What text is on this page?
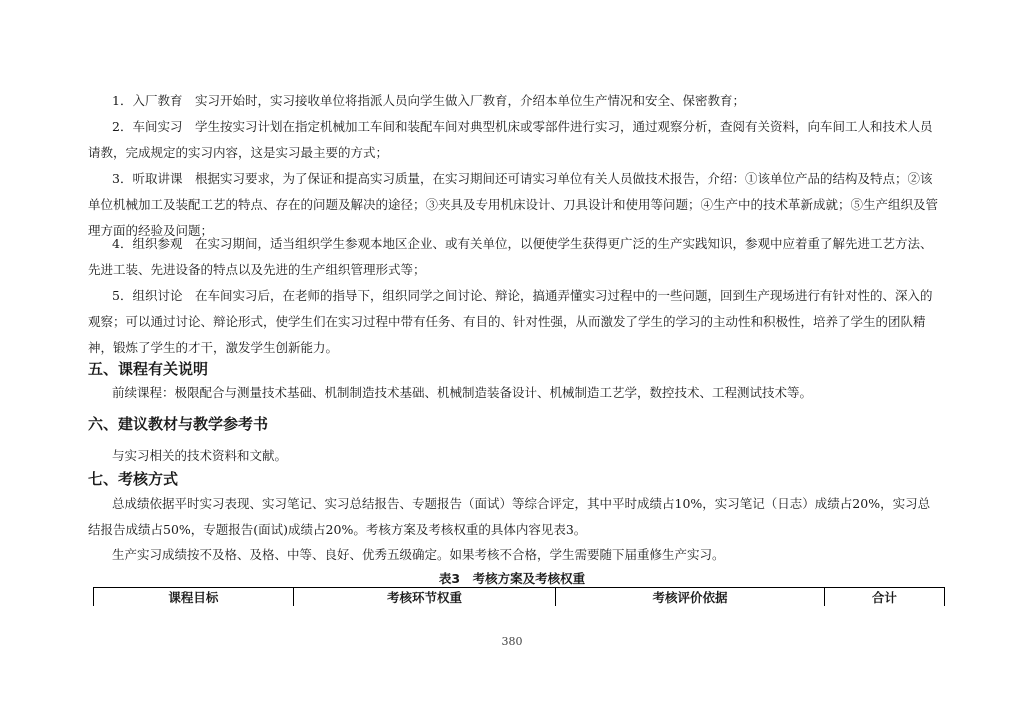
1．入厂教育　实习开始时，实习接收单位将指派人员向学生做入厂教育，介绍本单位生产情况和安全、保密教育；

2．车间实习　学生按实习计划在指定机械加工车间和装配车间对典型机床或零部件进行实习，通过观察分析，查阅有关资料，向车间工人和技术人员请教，完成规定的实习内容，这是实习最主要的方式；

3．听取讲课　根据实习要求，为了保证和提高实习质量，在实习期间还可请实习单位有关人员做技术报告，介绍：①该单位产品的结构及特点；②该单位机械加工及装配工艺的特点、存在的问题及解决的途径；③夹具及专用机床设计、刀具设计和使用等问题；④生产中的技术革新成就；⑤生产组织及管理方面的经验及问题；

4．组织参观　在实习期间，适当组织学生参观本地区企业、或有关单位，以便使学生获得更广泛的生产实践知识，参观中应着重了解先进工艺方法、先进工装、先进设备的特点以及先进的生产组织管理形式等；

5．组织讨论　在车间实习后，在老师的指导下，组织同学之间讨论、辩论，搞通弄懂实习过程中的一些问题，回到生产现场进行有针对性的、深入的观察；可以通过讨论、辩论形式，使学生们在实习过程中带有任务、有目的、针对性强，从而激发了学生的学习的主动性和积极性，培养了学生的团队精神，锻炼了学生的才干，激发学生创新能力。

五、课程有关说明

前续课程：极限配合与测量技术基础、机制制造技术基础、机械制造装备设计、机械制造工艺学，数控技术、工程测试技术等。

六、建议教材与教学参考书

与实习相关的技术资料和文献。

七、考核方式

总成绩依据平时实习表现、实习笔记、实习总结报告、专题报告（面试）等综合评定，其中平时成绩占10%，实习笔记（日志）成绩占20%，实习总结报告成绩占50%，专题报告(面试)成绩占20%。考核方案及考核权重的具体内容见表3。

生产实习成绩按不及格、及格、中等、良好、优秀五级确定。如果考核不合格，学生需要随下届重修生产实习。

表3　考核方案及考核权重
课程目标	考核环节权重	考核评价依据	合计
380
